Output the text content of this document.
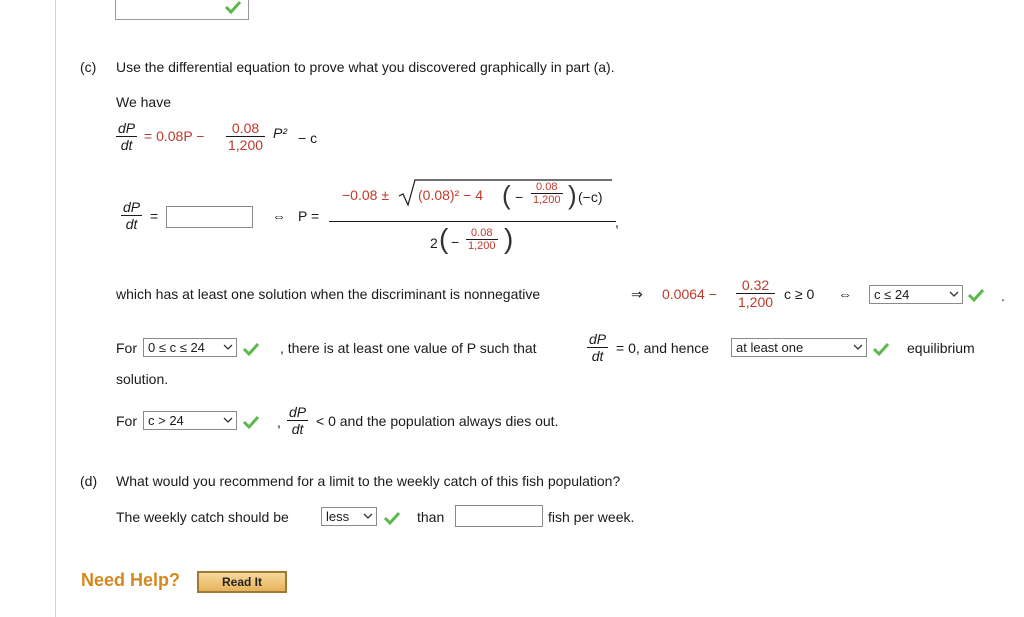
(c) Use the differential equation to prove what you discovered graphically in part (a).
We have
dP
dt
= 0.08P − 0.08
1,200
P² − c
dP
dt =	⇔ P =
−0.08 ± (0.08)² − 4 ( −
0.08
1,200 ) (−c)
,
2 ( −
0.08
1,200 )
which has at least one solution when the discriminant is nonnegative	⇒ 0.0064 −
0.32
1,200 c ≥ 0 ⇔	c ≤ 24	.
For 0 ≤ c ≤ 24	, there is at least one value of P such that
dP
dt = 0, and hence	at least one	equilibrium
solution.
For c > 24	,
dP
dt < 0 and the population always dies out.
(d) What would you recommend for a limit to the weekly catch of this fish population?
The weekly catch should be	less	than	fish per week.
Need Help?	Read It
